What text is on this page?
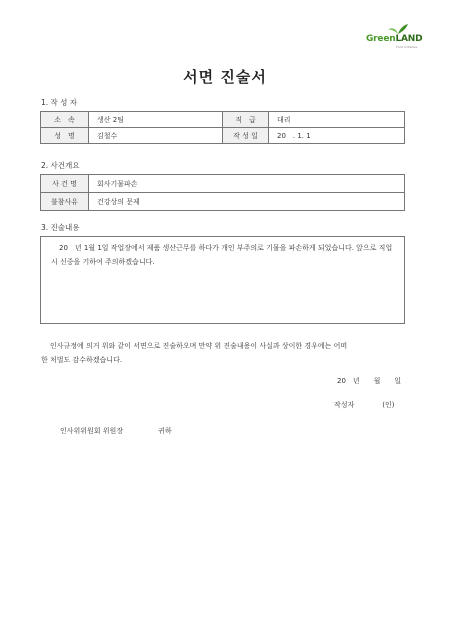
GreenLAND
Food Initiative
서면 진술서
1. 작 성 자
소　속	생산 2팀	직　급	대리
성　명	김철수	작 성 일	20　. 1. 1
2. 사건개요
사 건 명	회사기물파손
불참사유	건강상의 문제
3. 진술내용

20　년 1월 1일 작업장에서 제품 생산근무를 하다가 개인 부주의로 기물을 파손하게 되었습니다. 앞으로 직업 시 신중을 기하여 주의하겠습니다.

인사규정에 의거 위와 같이 서면으로 진술하오며 만약 위 진술내용이 사실과 상이한 경우에는 어떠
한 처벌도 감수하겠습니다.
20　년　　월　　일
작성자　　　　(인)
인사위위원회 위원장　　　　　귀하
